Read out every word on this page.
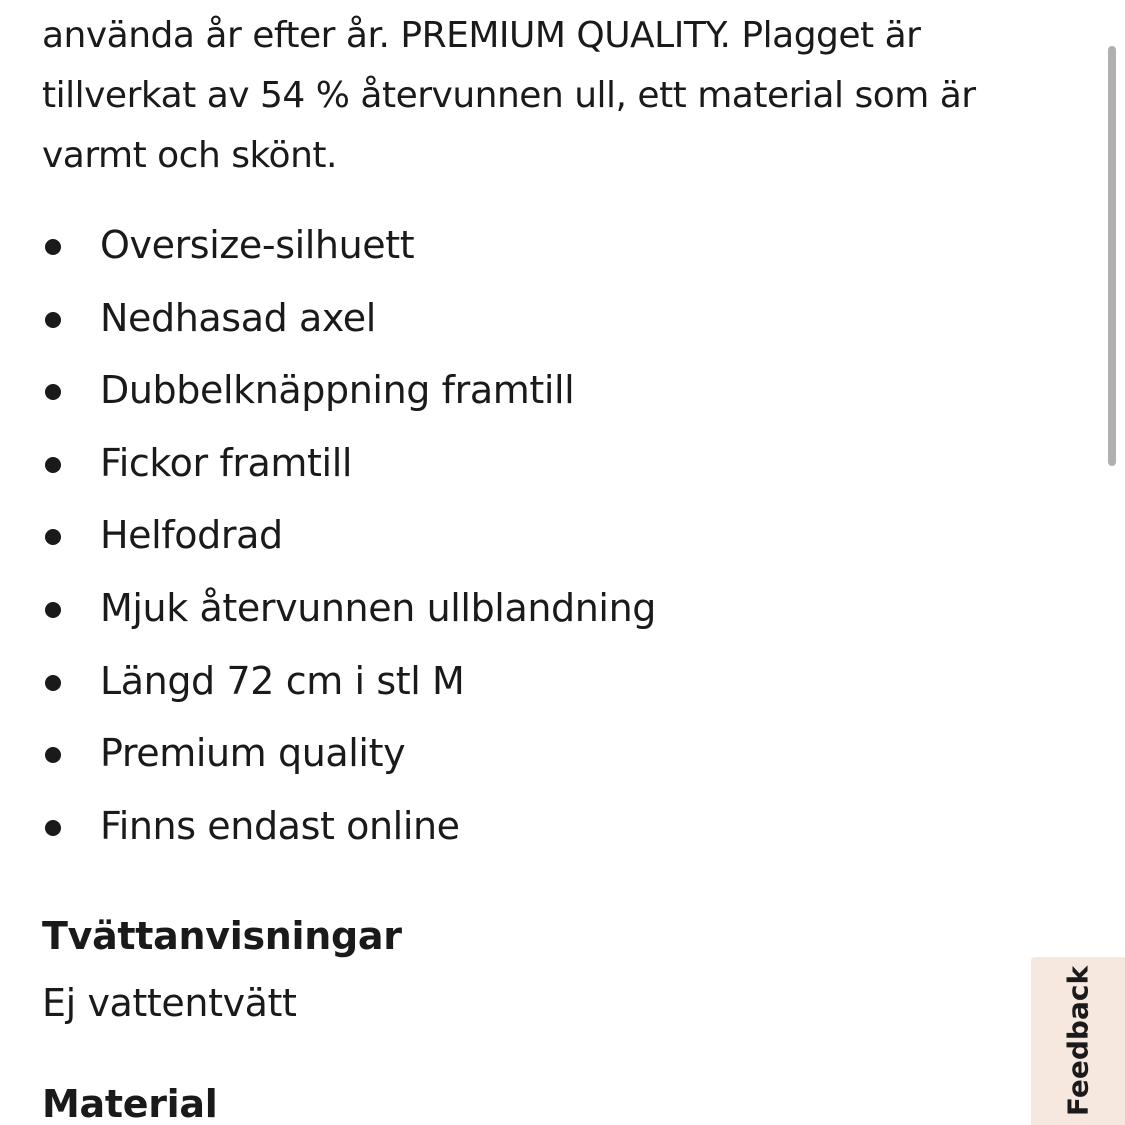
använda år efter år. PREMIUM QUALITY. Plagget är
tillverkat av 54 % återvunnen ull, ett material som är
varmt och skönt.
Oversize-silhuett
Nedhasad axel
Dubbelknäppning framtill
Fickor framtill
Helfodrad
Mjuk återvunnen ullblandning
Längd 72 cm i stl M
Premium quality
Finns endast online
Tvättanvisningar

Ej vattentvätt

Material	Feedback
